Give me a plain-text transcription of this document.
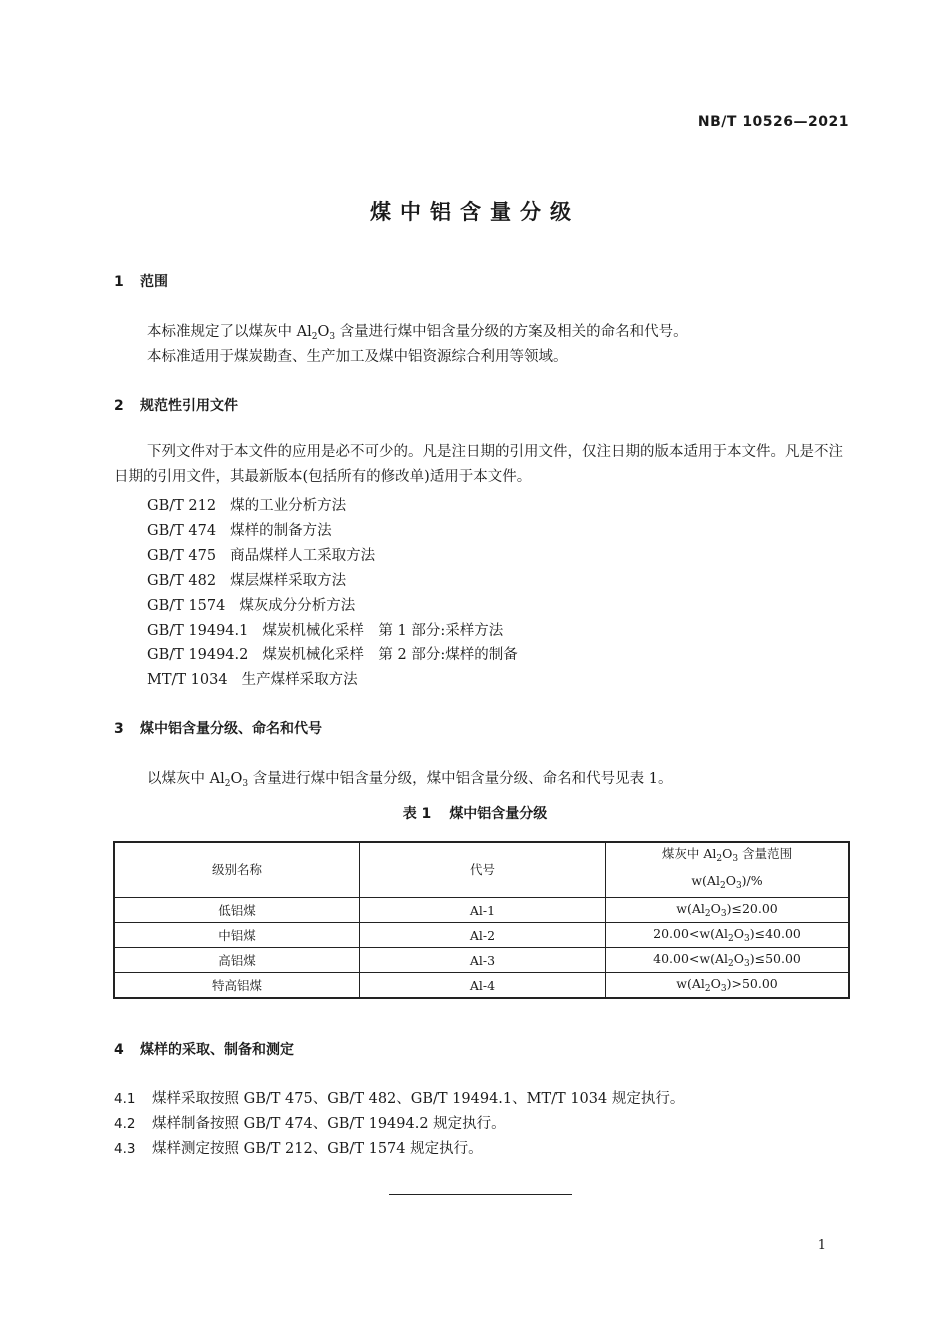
NB/T 10526—2021
煤中铝含量分级
1 范围
本标准规定了以煤灰中 $Al_2O_3$ 含量进行煤中铝含量分级的方案及相关的命名和代号。
本标准适用于煤炭勘查、生产加工及煤中铝资源综合利用等领域。
2 规范性引用文件
下列文件对于本文件的应用是必不可少的。凡是注日期的引用文件，仅注日期的版本适用于本文件。凡是不注日期的引用文件，其最新版本(包括所有的修改单)适用于本文件。
GB/T 212 煤的工业分析方法
GB/T 474 煤样的制备方法
GB/T 475 商品煤样人工采取方法
GB/T 482 煤层煤样采取方法
GB/T 1574 煤灰成分分析方法
GB/T 19494.1 煤炭机械化采样　第 1 部分:采样方法
GB/T 19494.2 煤炭机械化采样　第 2 部分:煤样的制备
MT/T 1034 生产煤样采取方法
3 煤中铝含量分级、命名和代号
以煤灰中 $Al_2O_3$ 含量进行煤中铝含量分级，煤中铝含量分级、命名和代号见表 1。
表 1 煤中铝含量分级
级别名称	代号	煤灰中 $Al_2O_3$ 含量范围
$w(Al_2O_3)/\%$

低铝煤	Al-1	$w(Al_2O_3)\le 20.00$
中铝煤	Al-2	$20.00<w(Al_2O_3)\le 40.00$
高铝煤	Al-3	$40.00<w(Al_2O_3)\le 50.00$
特高铝煤	Al-4	$w(Al_2O_3)>50.00$
4 煤样的采取、制备和测定
4.1 煤样采取按照 GB/T 475、GB/T 482、GB/T 19494.1、MT/T 1034 规定执行。
4.2 煤样制备按照 GB/T 474、GB/T 19494.2 规定执行。
4.3 煤样测定按照 GB/T 212、GB/T 1574 规定执行。
1
